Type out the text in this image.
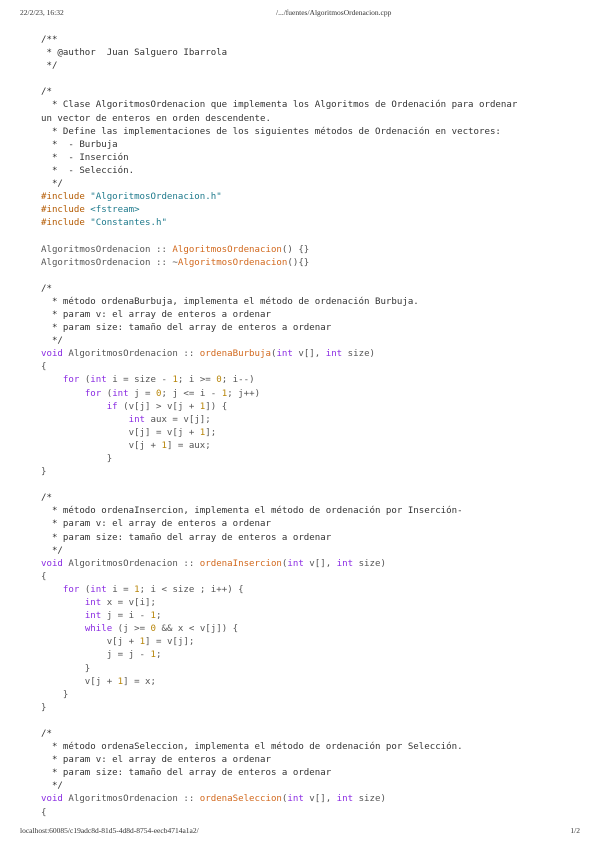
22/2/23, 16:32	/.../fuentes/AlgoritmosOrdenacion.cpp
/**
* @author  Juan Salguero Ibarrola
*/
/*
* Clase AlgoritmosOrdenacion que implementa los Algoritmos de Ordenación para ordenar
un vector de enteros en orden descendente.
* Define las implementaciones de los siguientes métodos de Ordenación en vectores:
*  - Burbuja
*  - Inserción
*  - Selección.
*/
#include "AlgoritmosOrdenacion.h"
#include <fstream>
#include "Constantes.h"
AlgoritmosOrdenacion :: AlgoritmosOrdenacion() {}
AlgoritmosOrdenacion :: ~AlgoritmosOrdenacion(){}
/*
* método ordenaBurbuja, implementa el método de ordenación Burbuja.
* param v: el array de enteros a ordenar
* param size: tamaño del array de enteros a ordenar
*/
void AlgoritmosOrdenacion :: ordenaBurbuja(int v[], int size)
{
for (int i = size - 1; i >= 0; i--)
for (int j = 0; j <= i - 1; j++)
if (v[j] > v[j + 1]) {
int aux = v[j];
v[j] = v[j + 1];
v[j + 1] = aux;
}
}
/*
* método ordenaInsercion, implementa el método de ordenación por Inserción-
* param v: el array de enteros a ordenar
* param size: tamaño del array de enteros a ordenar
*/
void AlgoritmosOrdenacion :: ordenaInsercion(int v[], int size)
{
for (int i = 1; i < size ; i++) {
int x = v[i];
int j = i - 1;
while (j >= 0 && x < v[j]) {
v[j + 1] = v[j];
j = j - 1;
}
v[j + 1] = x;
}
}
/*
* método ordenaSeleccion, implementa el método de ordenación por Selección.
* param v: el array de enteros a ordenar
* param size: tamaño del array de enteros a ordenar
*/
void AlgoritmosOrdenacion :: ordenaSeleccion(int v[], int size)
{
localhost:60085/c19adc8d-81d5-4d8d-8754-eecb4714a1a2/	1/2
